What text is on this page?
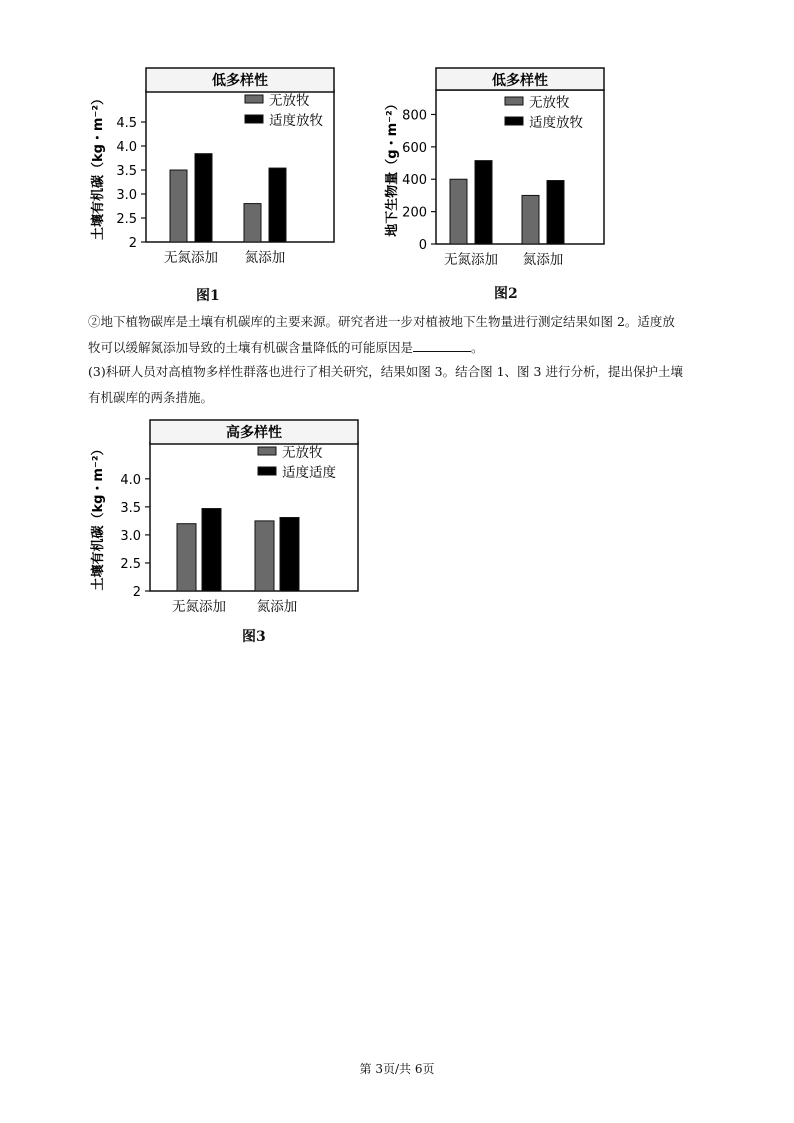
低多样性
2
2.5
3.0
3.5
4.0
4.5
土壤有机碳（kg・m⁻²）
无氮添加 氮添加
无放牧
适度放牧
图1
低多样性
0
200
400
600
800
地下生物量（g・m⁻²）
无氮添加 氮添加
无放牧
适度放牧
图2
②地下植物碳库是土壤有机碳库的主要来源。研究者进一步对植被地下生物量进行测定结果如图 2。适度放
牧可以缓解氮添加导致的土壤有机碳含量降低的可能原因是	。
(3)科研人员对高植物多样性群落也进行了相关研究，结果如图 3。结合图 1、图 3 进行分析，提出保护土壤
有机碳库的两条措施。
高多样性
2
2.5
3.0
3.5
4.0
土壤有机碳（kg・m⁻²）
无氮添加 氮添加
无放牧
适度适度
图3
第 3页/共 6页
